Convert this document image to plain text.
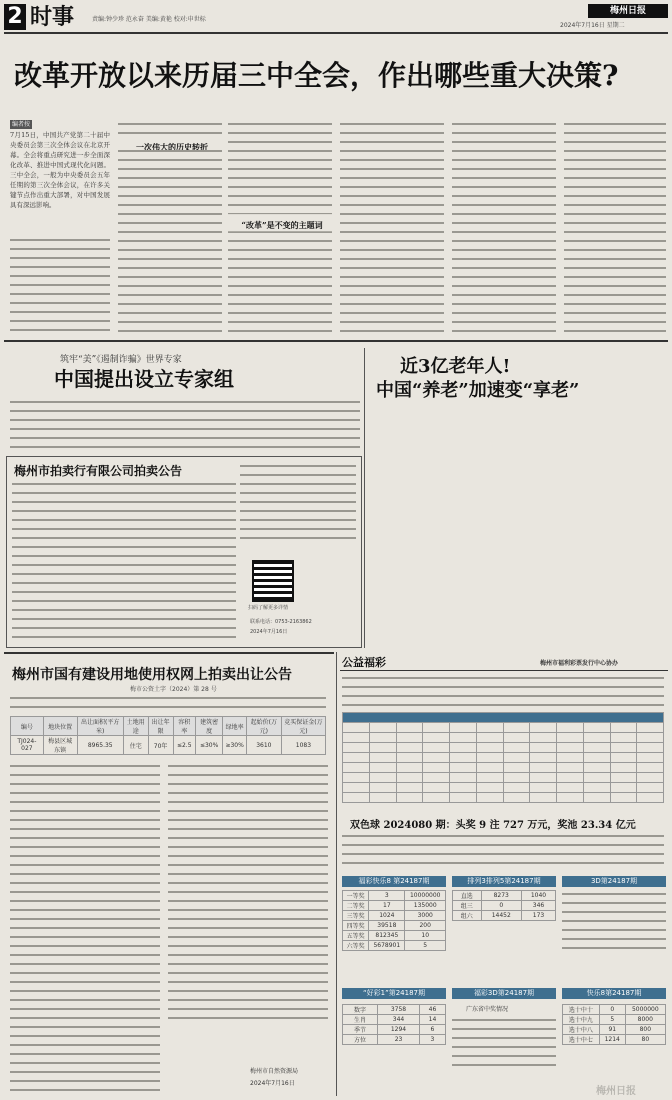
2 时事	责编:钟少珍 范永奋 美编:黄艳 校对:申世标
梅州日报
2024年7月16日 星期二
改革开放以来历届三中全会，作出哪些重大决策?
编者按
7月15日，中国共产党第二十届中央委员会第三次全体会议在北京开幕。全会将重点研究进一步全面深化改革、推进中国式现代化问题。三中全会，一般为中央委员会五年任期的第三次全体会议，在许多关键节点作出重大部署，对中国发展具有深远影响。
一次伟大的历史转折
“改革”是不变的主题词
筑牢“美”《遏制诈骗》世界专家
中国提出设立专家组
近3亿老年人!
中国“养老”加速变“享老”
梅州市拍卖行有限公司拍卖公告
扫码了解更多详情
联系电话：0753-2163862
2024年7月16日
梅州市国有建设用地使用权网上拍卖出让公告
梅市公资土字（2024）第 28 号
编号	地块位置	出让面积(平方米)	土地用途	出让年限	容积率	建筑密度	绿地率	起始价(万元)	竞买保证金(万元)
TJ024-027	梅县区城东镇	8965.35	住宅	70年	≤2.5	≤30%	≥30%	3610	1083
梅州市自然资源局
2024年7月16日
公益福彩	梅州市福利彩票发行中心协办

双色球 2024080 期：头奖 9 注 727 万元，奖池 23.34 亿元
福彩快乐8 第24187期	排列3排列5第24187期	3D第24187期
一等奖	3	10000000
二等奖	17	135000
三等奖	1024	3000
四等奖	39518	200
五等奖	812345	10
六等奖	5678901	5
直选	8273	1040
组三	0	346
组六	14452	173
“好彩1”第24187期	福彩3D第24187期	快乐8第24187期
数字	3758	46
生肖	344	14
季节	1294	6
方位	23	3
广东省中奖情况	选十中十	0	5000000
选十中九	5	8000
选十中八	91	800
选十中七	1214	80
梅州日报
